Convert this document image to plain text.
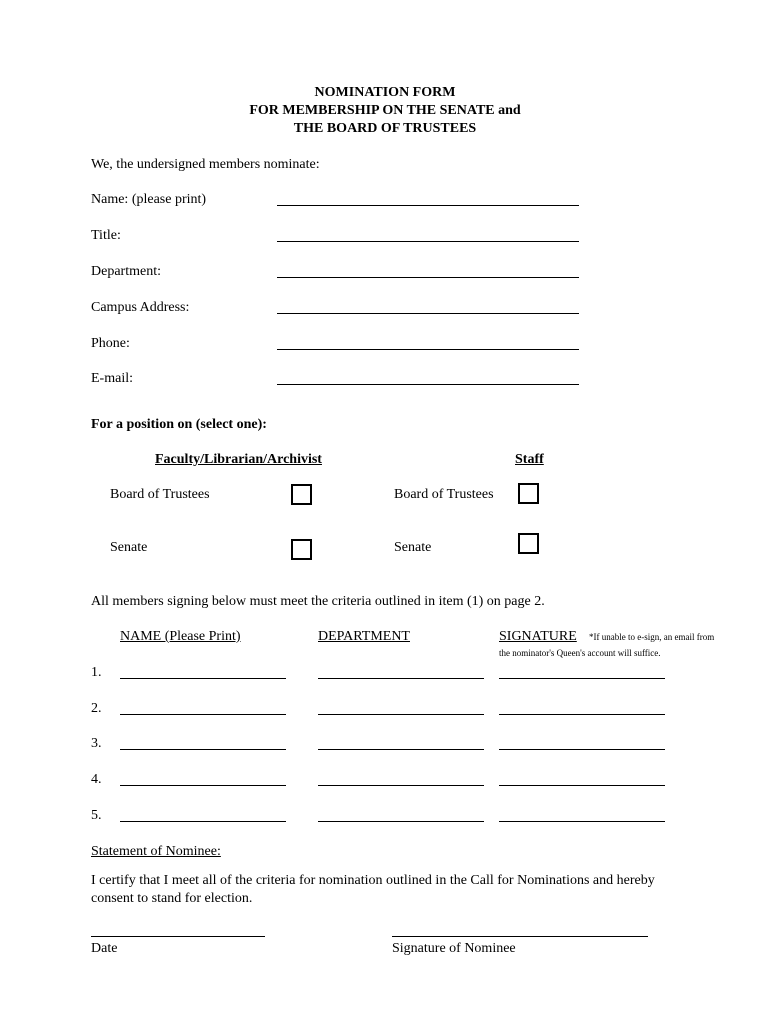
NOMINATION FORM
FOR MEMBERSHIP ON THE SENATE and
THE BOARD OF TRUSTEES
We, the undersigned members nominate:
Name: (please print)
Title:
Department:
Campus Address:
Phone:
E-mail:
For a position on (select one):
Faculty/Librarian/Archivist	Staff
Board of Trustees	Board of Trustees
Senate	Senate
All members signing below must meet the criteria outlined in item (1) on page 2.
NAME (Please Print)	DEPARTMENT	SIGNATURE *If unable to e-sign, an email from
the nominator's Queen's account will suffice.
1.
2.
3.
4.
5.
Statement of Nominee:
I certify that I meet all of the criteria for nomination outlined in the Call for Nominations and hereby consent to stand for election.
Date	Signature of Nominee
